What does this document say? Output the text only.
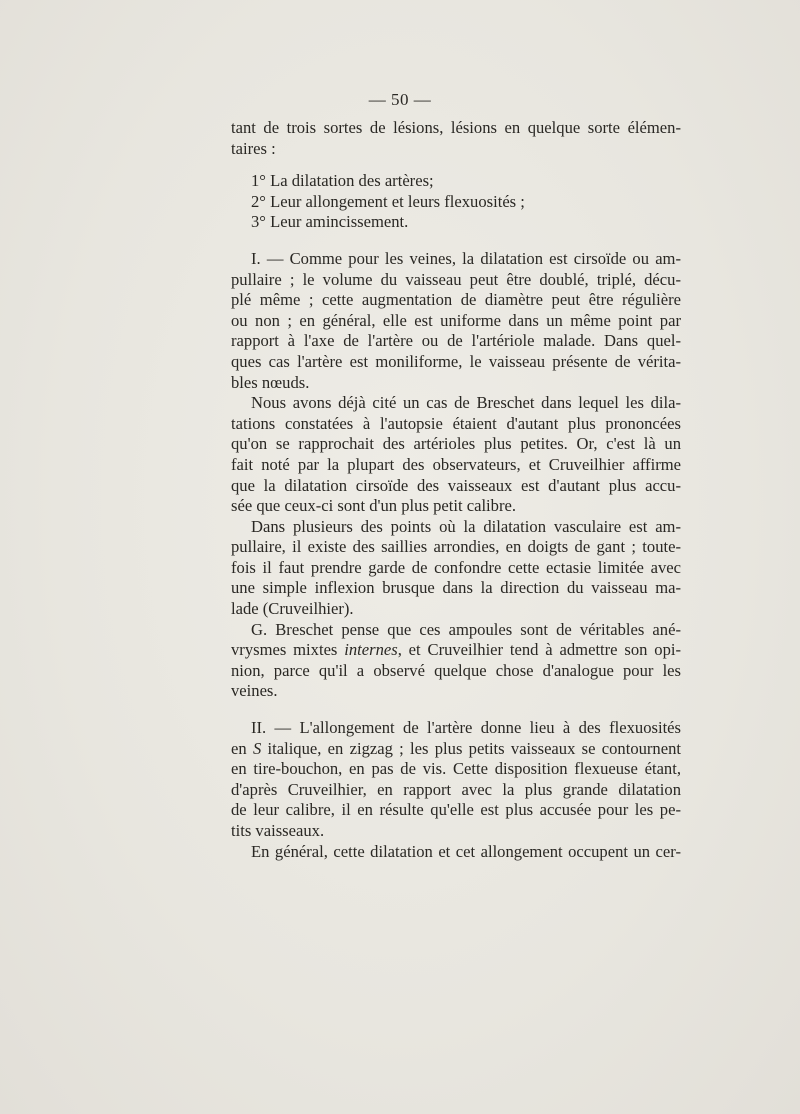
— 50 —
tant de trois sortes de lésions, lésions en quelque sorte élémen-
taires :
1° La dilatation des artères;
2° Leur allongement et leurs flexuosités ;
3° Leur amincissement.
I. — Comme pour les veines, la dilatation est cirsoïde ou am-
pullaire ; le volume du vaisseau peut être doublé, triplé, décu-
plé même ; cette augmentation de diamètre peut être régulière
ou non ; en général, elle est uniforme dans un même point par
rapport à l'axe de l'artère ou de l'artériole malade. Dans quel-
ques cas l'artère est moniliforme, le vaisseau présente de vérita-
bles nœuds.
Nous avons déjà cité un cas de Breschet dans lequel les dila-
tations constatées à l'autopsie étaient d'autant plus prononcées
qu'on se rapprochait des artérioles plus petites. Or, c'est là un
fait noté par la plupart des observateurs, et Cruveilhier affirme
que la dilatation cirsoïde des vaisseaux est d'autant plus accu-
sée que ceux-ci sont d'un plus petit calibre.
Dans plusieurs des points où la dilatation vasculaire est am-
pullaire, il existe des saillies arrondies, en doigts de gant ; toute-
fois il faut prendre garde de confondre cette ectasie limitée avec
une simple inflexion brusque dans la direction du vaisseau ma-
lade (Cruveilhier).
G. Breschet pense que ces ampoules sont de véritables ané-
vrysmes mixtes internes, et Cruveilhier tend à admettre son opi-
nion, parce qu'il a observé quelque chose d'analogue pour les
veines.
II. — L'allongement de l'artère donne lieu à des flexuosités
en S italique, en zigzag ; les plus petits vaisseaux se contournent
en tire-bouchon, en pas de vis. Cette disposition flexueuse étant,
d'après Cruveilhier, en rapport avec la plus grande dilatation
de leur calibre, il en résulte qu'elle est plus accusée pour les pe-
tits vaisseaux.
En général, cette dilatation et cet allongement occupent un cer-
